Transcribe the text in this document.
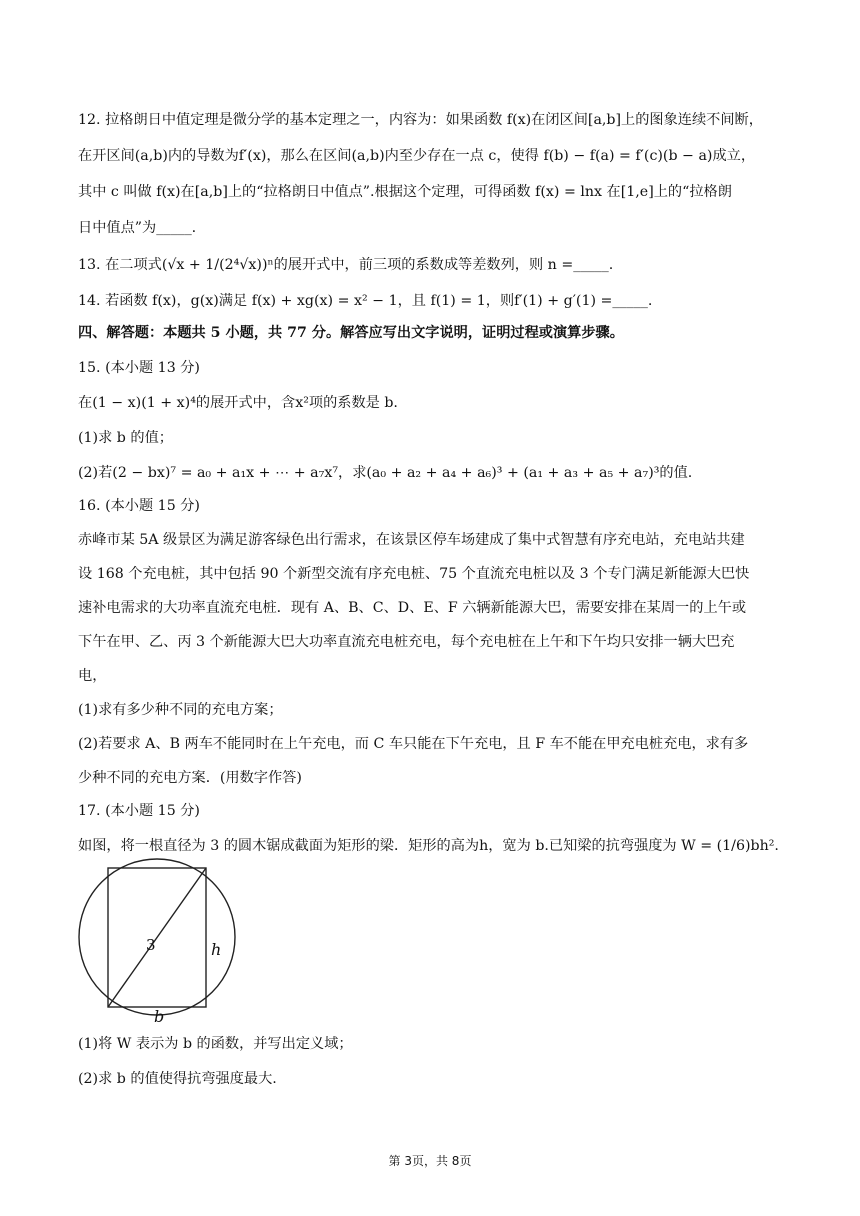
12. 拉格朗日中值定理是微分学的基本定理之一，内容为：如果函数 f(x)在闭区间[a,b]上的图象连续不间断，
在开区间(a,b)内的导数为f′(x)，那么在区间(a,b)内至少存在一点 c，使得 f(b) − f(a) = f′(c)(b − a)成立，
其中 c 叫做 f(x)在[a,b]上的“拉格朗日中值点”.根据这个定理，可得函数 f(x) = lnx 在[1,e]上的“拉格朗
日中值点”为_____.
13. 在二项式(√x + 1/(2⁴√x))ⁿ的展开式中，前三项的系数成等差数列，则 n =_____.
14. 若函数 f(x)，g(x)满足 f(x) + xg(x) = x² − 1，且 f(1) = 1，则f′(1) + g′(1) =_____.
四、解答题：本题共 5 小题，共 77 分。解答应写出文字说明，证明过程或演算步骤。
15. (本小题 13 分)
在(1 − x)(1 + x)⁴的展开式中，含x²项的系数是 b.
(1)求 b 的值；
(2)若(2 − bx)⁷ = a₀ + a₁x + ⋯ + a₇x⁷，求(a₀ + a₂ + a₄ + a₆)³ + (a₁ + a₃ + a₅ + a₇)³的值.
16. (本小题 15 分)
赤峰市某 5A 级景区为满足游客绿色出行需求，在该景区停车场建成了集中式智慧有序充电站，充电站共建
设 168 个充电桩，其中包括 90 个新型交流有序充电桩、75 个直流充电桩以及 3 个专门满足新能源大巴快
速补电需求的大功率直流充电桩．现有 A、B、C、D、E、F 六辆新能源大巴，需要安排在某周一的上午或
下午在甲、乙、丙 3 个新能源大巴大功率直流充电桩充电，每个充电桩在上午和下午均只安排一辆大巴充
电，
(1)求有多少种不同的充电方案；
(2)若要求 A、B 两车不能同时在上午充电，而 C 车只能在下午充电，且 F 车不能在甲充电桩充电，求有多
少种不同的充电方案．(用数字作答)
17. (本小题 15 分)
如图，将一根直径为 3 的圆木锯成截面为矩形的梁．矩形的高为h，宽为 b.已知梁的抗弯强度为 W = (1/6)bh².
3	h
b
(1)将 W 表示为 b 的函数，并写出定义域；
(2)求 b 的值使得抗弯强度最大.
第 3页，共 8页
